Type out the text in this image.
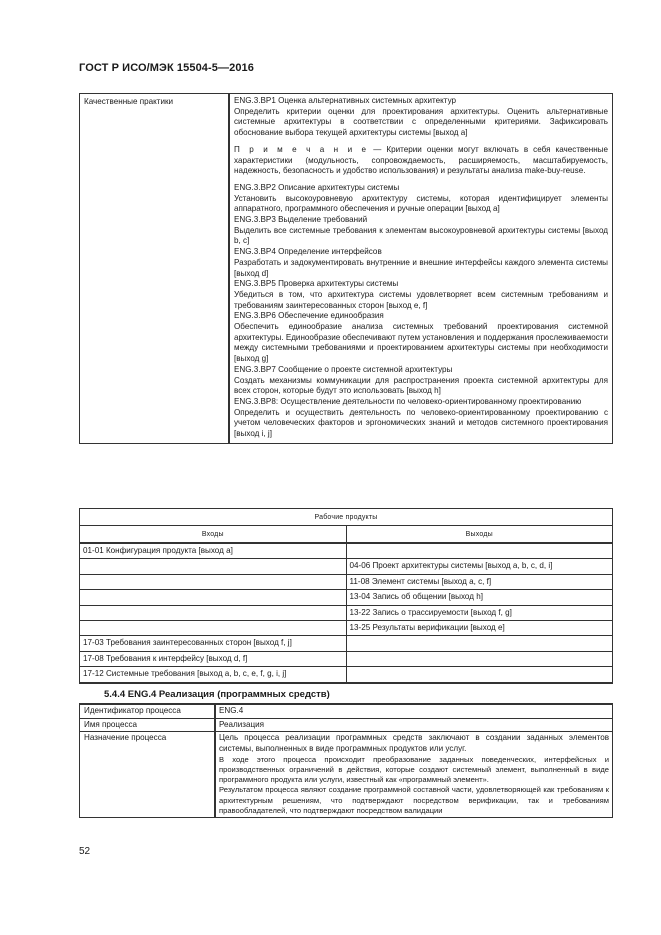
ГОСТ Р ИСО/МЭК 15504-5—2016
Качественные практики	ENG.3.BP1 Оценка альтернативных системных архитектур

Определить критерии оценки для проектирования архитектуры. Оценить альтернативные системные архитектуры в соответствии с определенными критериями. Зафиксировать обоснование выбора текущей архитектуры системы [выход a]

П р и м е ч а н и е — Критерии оценки могут включать в себя качественные характеристики (модульность, сопровождаемость, расширяемость, масштабируемость, надежность, безопасность и удобство использования) и результаты анализа make-buy-reuse.

ENG.3.BP2 Описание архитектуры системы

Установить высокоуровневую архитектуру системы, которая идентифицирует элементы аппаратного, программного обеспечения и ручные операции [выход a]

ENG.3.BP3 Выделение требований

Выделить все системные требования к элементам высокоуровневой архитектуры системы [выход b, c]

ENG.3.BP4 Определение интерфейсов

Разработать и задокументировать внутренние и внешние интерфейсы каждого элемента системы [выход d]

ENG.3.BP5 Проверка архитектуры системы

Убедиться в том, что архитектура системы удовлетворяет всем системным требованиям и требованиям заинтересованных сторон [выход e, f]

ENG.3.BP6 Обеспечение единообразия

Обеспечить единообразие анализа системных требований проектирования системной архитектуры. Единообразие обеспечивают путем установления и поддержания прослеживаемости между системными требованиями и проектированием архитектуры системы при необходимости [выход g]

ENG.3.BP7 Сообщение о проекте системной архитектуры

Создать механизмы коммуникации для распространения проекта системной архитектуры для всех сторон, которые будут это использовать [выход h]

ENG.3.BP8: Осуществление деятельности по человеко-ориентированному проектированию

Определить и осуществить деятельность по человеко-ориентированному проектированию с учетом человеческих факторов и эргономических знаний и методов системного проектирования [выход i, j]

Рабочие продукты	
Входы	Выходы
01-01 Конфигурация продукта [выход a]	
	04-06 Проект архитектуры системы [выход a, b, c, d, i]
	11-08 Элемент системы [выход a, c, f]
	13-04 Запись об общении [выход h]
	13-22 Запись о трассируемости [выход f, g]
	13-25 Результаты верификации [выход e]
17-03 Требования заинтересованных сторон [выход f, j]	
17-08 Требования к интерфейсу [выход d, f]	
17-12 Системные требования [выход a, b, c, e, f, g, i, j]	
5.4.4 ENG.4 Реализация (программных средств)
Идентификатор процесса	ENG.4
Имя процесса	Реализация
Назначение процесса	Цель процесса реализации программных средств заключают в создании заданных элементов системы, выполненных в виде программных продуктов или услуг.

В ходе этого процесса происходит преобразование заданных поведенческих, интерфейсных и производственных ограничений в действия, которые создают системный элемент, выполненный в виде программного продукта или услуги, известный как «программный элемент».

Результатом процесса являют создание программной составной части, удовлетворяющей как требованиям к архитектурным решениям, что подтверждают посредством верификации, так и требованиям правообладателей, что подтверждают посредством валидации

52
